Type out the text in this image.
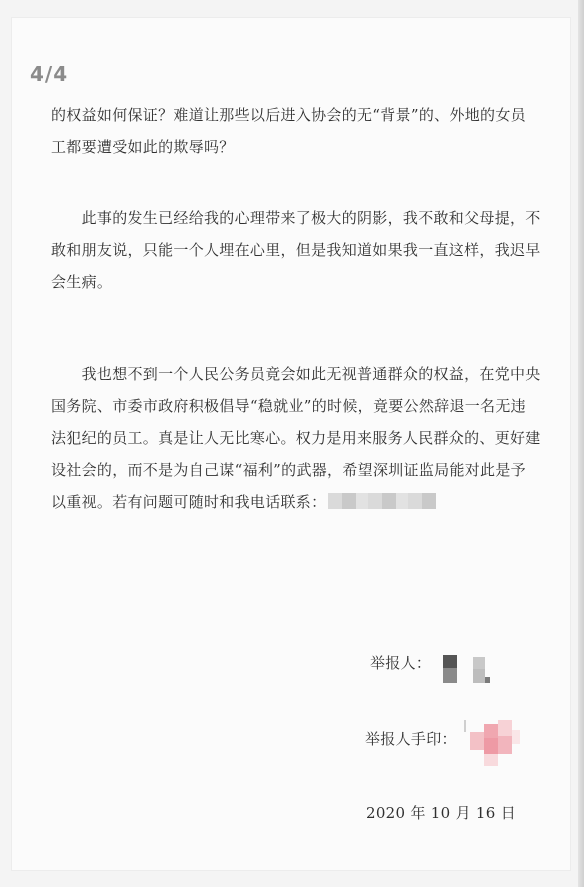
4/4
的权益如何保证？难道让那些以后进入协会的无“背景”的、外地的女员工都要遭受如此的欺辱吗？
　　此事的发生已经给我的心理带来了极大的阴影，我不敢和父母提，不敢和朋友说，只能一个人埋在心里，但是我知道如果我一直这样，我迟早会生病。
　　我也想不到一个人民公务员竟会如此无视普通群众的权益，在党中央国务院、市委市政府积极倡导“稳就业”的时候，竟要公然辞退一名无违法犯纪的员工。真是让人无比寒心。权力是用来服务人民群众的、更好建设社会的，而不是为自己谋“福利”的武器，希望深圳证监局能对此是予以重视。若有问题可随时和我电话联系：
举报人：
举报人手印：
2020 年 10 月 16 日
